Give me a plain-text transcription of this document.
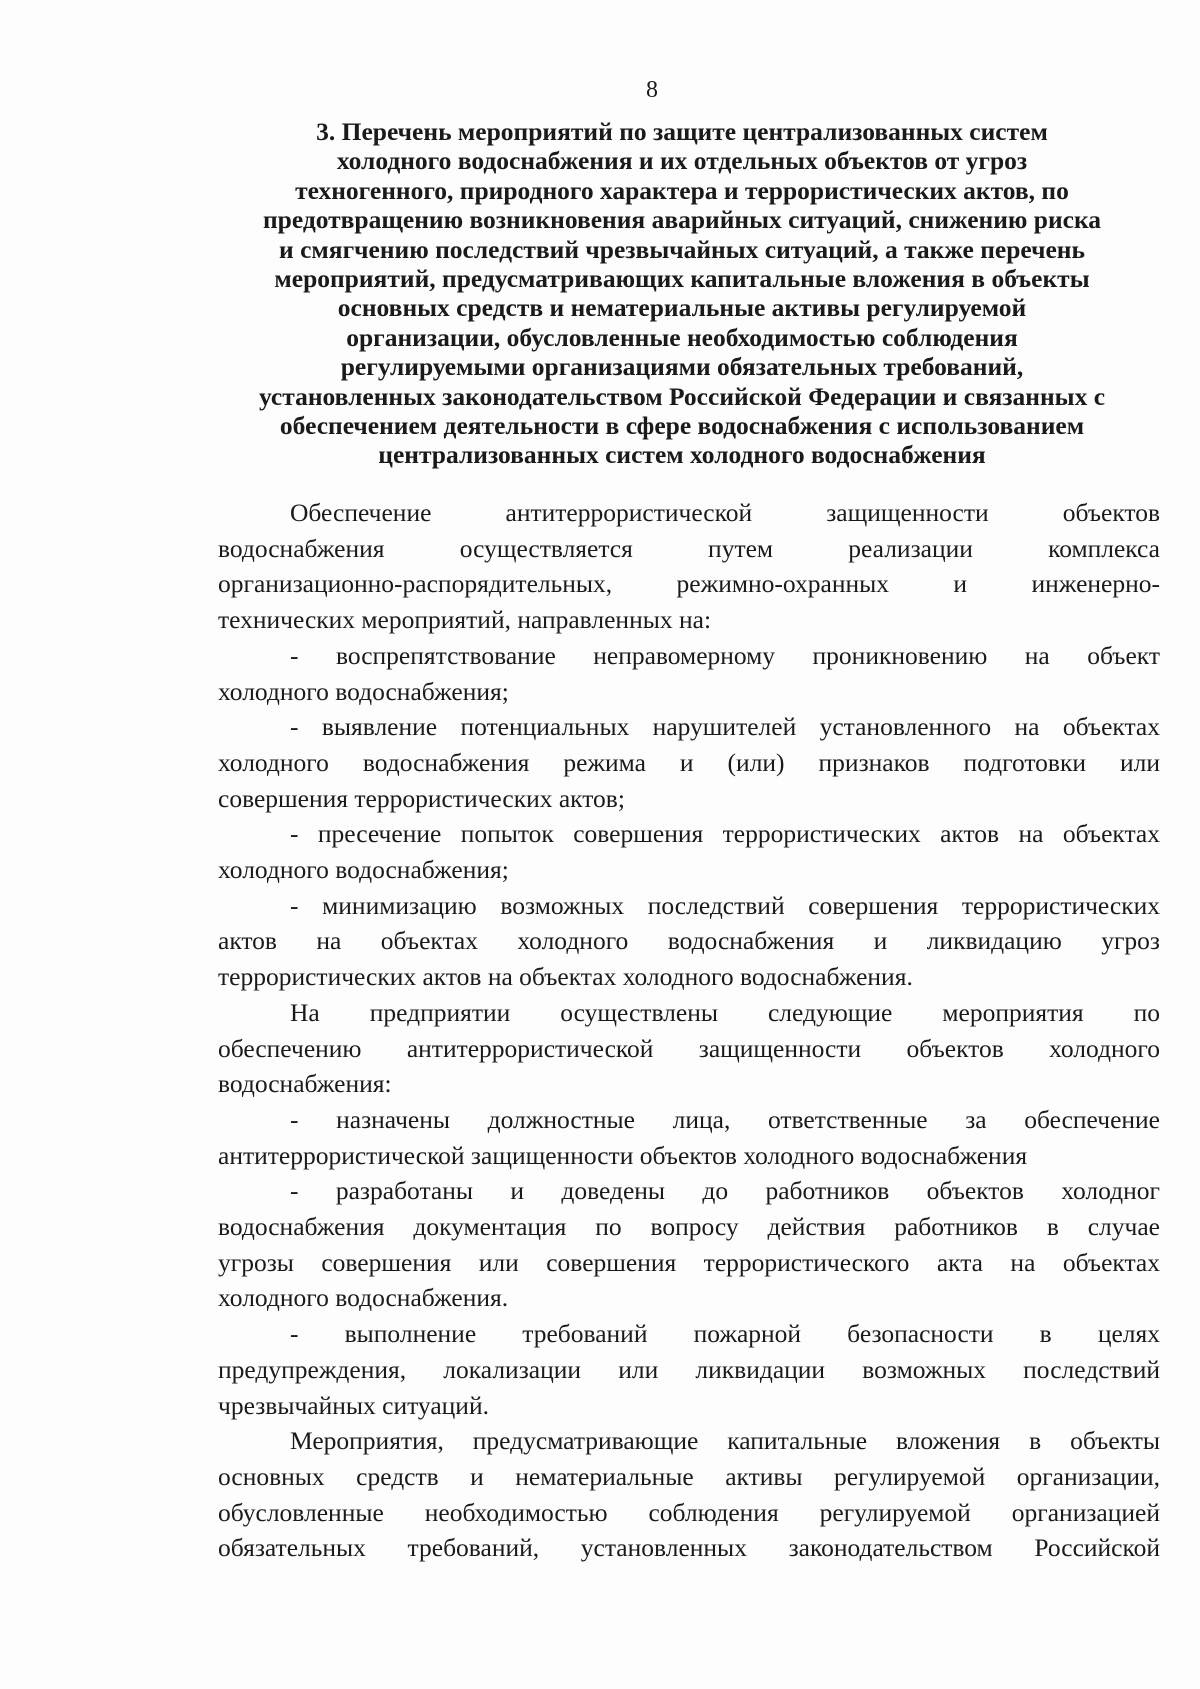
8
3. Перечень мероприятий по защите централизованных систем
холодного водоснабжения и их отдельных объектов от угроз
техногенного, природного характера и террористических актов, по
предотвращению возникновения аварийных ситуаций, снижению риска
и смягчению последствий чрезвычайных ситуаций, а также перечень
мероприятий, предусматривающих капитальные вложения в объекты
основных средств и нематериальные активы регулируемой
организации, обусловленные необходимостью соблюдения
регулируемыми организациями обязательных требований,
установленных законодательством Российской Федерации и связанных с
обеспечением деятельности в сфере водоснабжения с использованием
централизованных систем холодного водоснабжения
Обеспечение антитеррористической защищенности объектов
водоснабжения осуществляется путем реализации комплекса
организационно-распорядительных, режимно-охранных и инженерно-
технических мероприятий, направленных на:
- воспрепятствование неправомерному проникновению на объект
холодного водоснабжения;
- выявление потенциальных нарушителей установленного на объектах
холодного водоснабжения режима и (или) признаков подготовки или
совершения террористических актов;
- пресечение попыток совершения террористических актов на объектах
холодного водоснабжения;
- минимизацию возможных последствий совершения террористических
актов на объектах холодного водоснабжения и ликвидацию угроз
террористических актов на объектах холодного водоснабжения.
На предприятии осуществлены следующие мероприятия по
обеспечению антитеррористической защищенности объектов холодного
водоснабжения:
- назначены должностные лица, ответственные за обеспечение
антитеррористической защищенности объектов холодного водоснабжения
- разработаны и доведены до работников объектов холодног
водоснабжения документация по вопросу действия работников в случае
угрозы совершения или совершения террористического акта на объектах
холодного водоснабжения.
- выполнение требований пожарной безопасности в целях
предупреждения, локализации или ликвидации возможных последствий
чрезвычайных ситуаций.
Мероприятия, предусматривающие капитальные вложения в объекты
основных средств и нематериальные активы регулируемой организации,
обусловленные необходимостью соблюдения регулируемой организацией
обязательных требований, установленных законодательством Российской
